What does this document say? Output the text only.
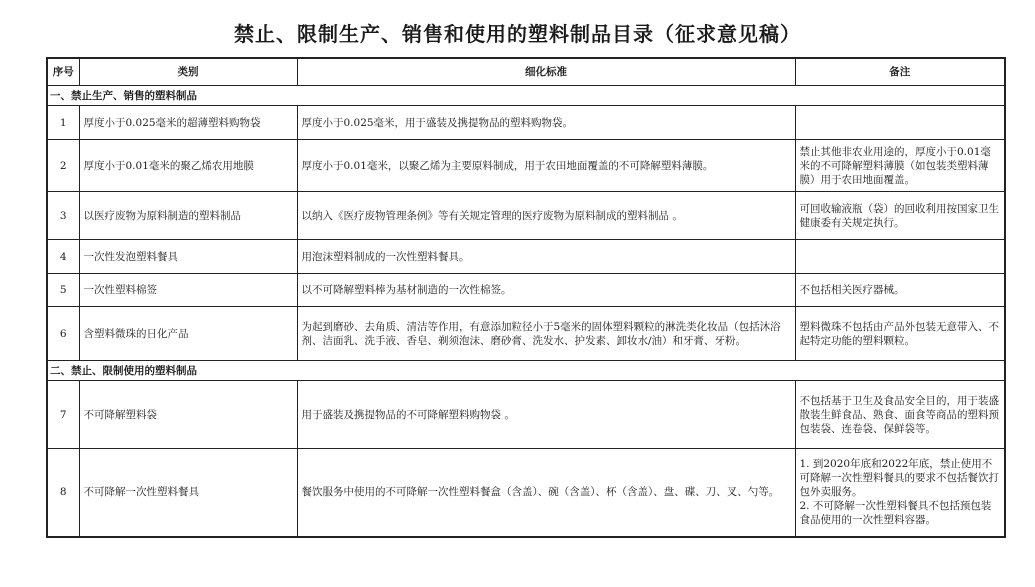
禁止、限制生产、销售和使用的塑料制品目录（征求意见稿）
序号	类别	细化标准	备注
一、禁止生产、销售的塑料制品			
1	厚度小于0.025毫米的超薄塑料购物袋	厚度小于0.025毫米，用于盛装及携提物品的塑料购物袋。	
2	厚度小于0.01毫米的聚乙烯农用地膜	厚度小于0.01毫米，以聚乙烯为主要原料制成，用于农田地面覆盖的不可降解塑料薄膜。	禁止其他非农业用途的，厚度小于0.01毫米的不可降解塑料薄膜（如包装类塑料薄膜）用于农田地面覆盖。
3	以医疗废物为原料制造的塑料制品	以纳入《医疗废物管理条例》等有关规定管理的医疗废物为原料制成的塑料制品 。	可回收输液瓶（袋）的回收利用按国家卫生健康委有关规定执行。
4	一次性发泡塑料餐具	用泡沫塑料制成的一次性塑料餐具。	
5	一次性塑料棉签	以不可降解塑料棒为基材制造的一次性棉签。	不包括相关医疗器械。
6	含塑料微珠的日化产品	为起到磨砂、去角质、清洁等作用，有意添加粒径小于5毫米的固体塑料颗粒的淋洗类化妆品（包括沐浴剂、洁面乳、洗手液、香皂、剃须泡沫、磨砂膏、洗发水、护发素、卸妆水/油）和牙膏、牙粉。	塑料微珠不包括由产品外包装无意带入、不起特定功能的塑料颗粒。
二、禁止、限制使用的塑料制品			
7	不可降解塑料袋	用于盛装及携提物品的不可降解塑料购物袋 。	不包括基于卫生及食品安全目的，用于装盛散装生鲜食品、熟食、面食等商品的塑料预包装袋、连卷袋、保鲜袋等。
8	不可降解一次性塑料餐具	餐饮服务中使用的不可降解一次性塑料餐盒（含盖）、碗（含盖）、杯（含盖）、盘、碟、刀、叉、勺等。	1. 到2020年底和2022年底，禁止使用不可降解一次性塑料餐具的要求不包括餐饮打包外卖服务。
2. 不可降解一次性塑料餐具不包括预包装食品使用的一次性塑料容器。
